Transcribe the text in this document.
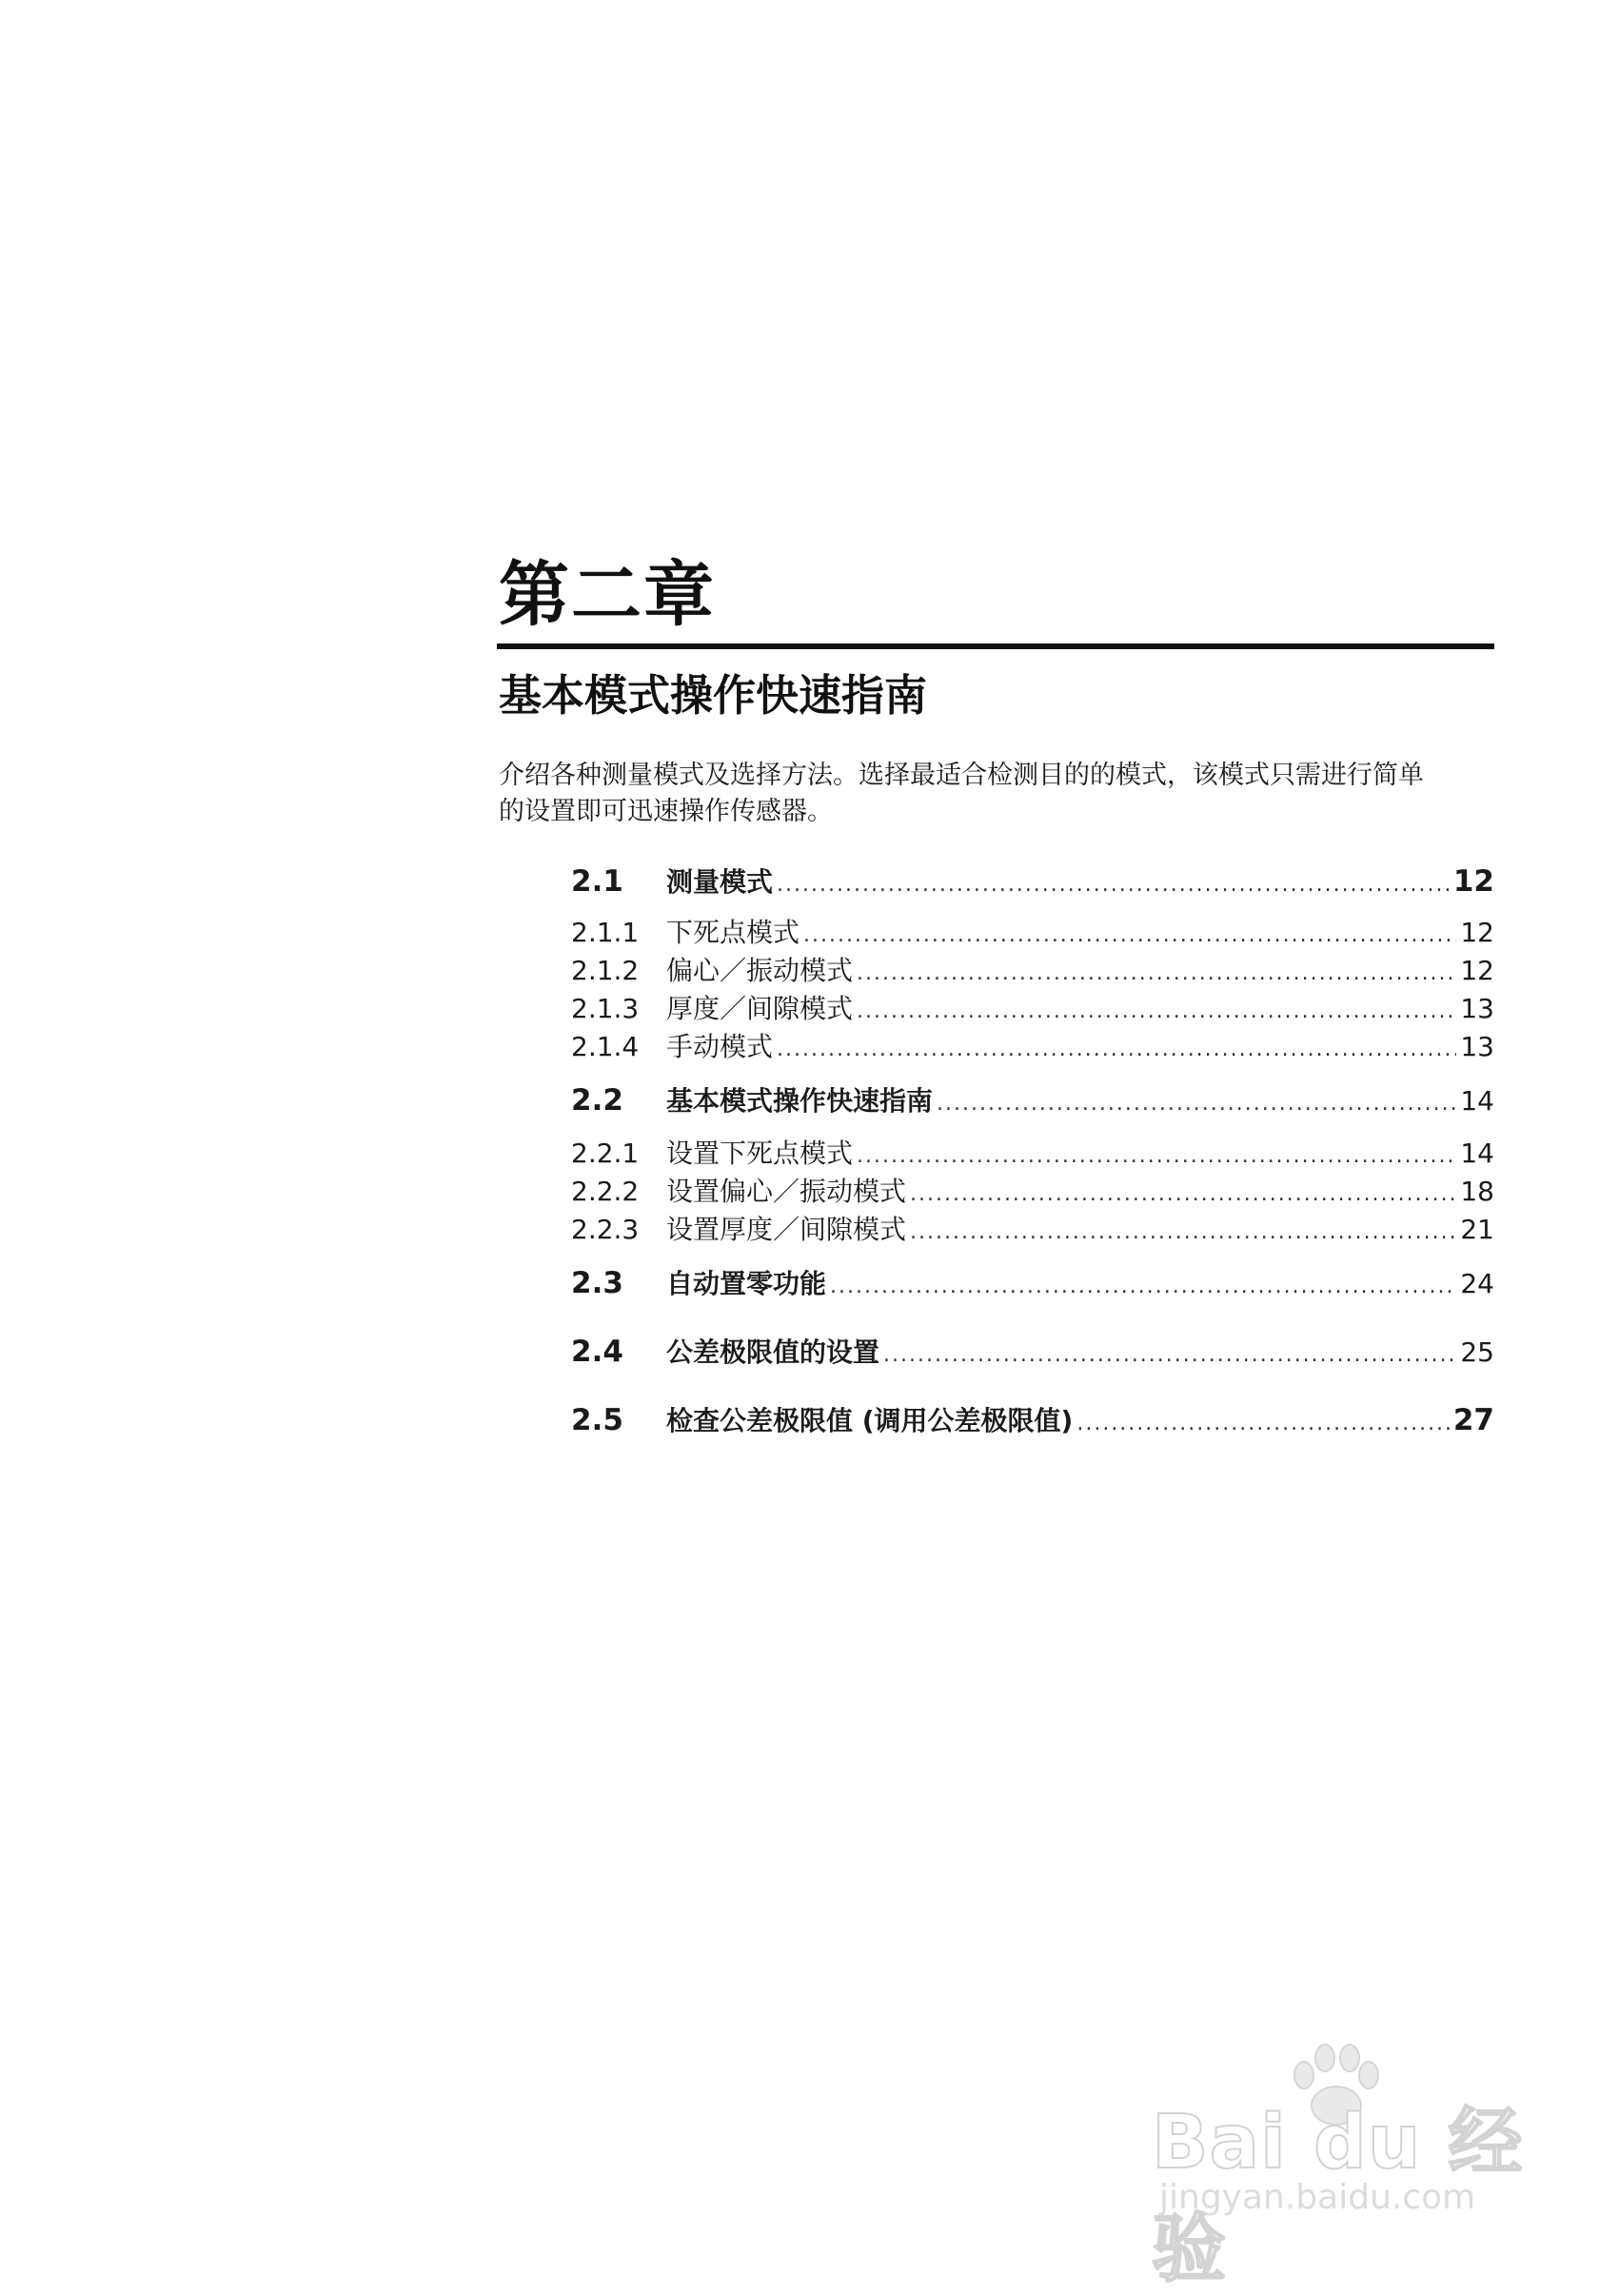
第二章
基本模式操作快速指南
介绍各种测量模式及选择方法。选择最适合检测目的的模式，该模式只需进行简单
的设置即可迅速操作传感器。
2.1	测量模式 .....	12
2.1.1	下死点模式 .....	12
2.1.2	偏心／振动模式 .....	12
2.1.3	厚度／间隙模式 .....	13
2.1.4	手动模式 .....	13
2.2	基本模式操作快速指南 .....	14
2.2.1	设置下死点模式 .....	14
2.2.2	设置偏心／振动模式 .....	18
2.2.3	设置厚度／间隙模式 .....	21
2.3	自动置零功能 .....	24
2.4	公差极限值的设置 .....	25
2.5	检查公差极限值 (调用公差极限值) .....	27
Bai du 经验
jingyan.baidu.com
